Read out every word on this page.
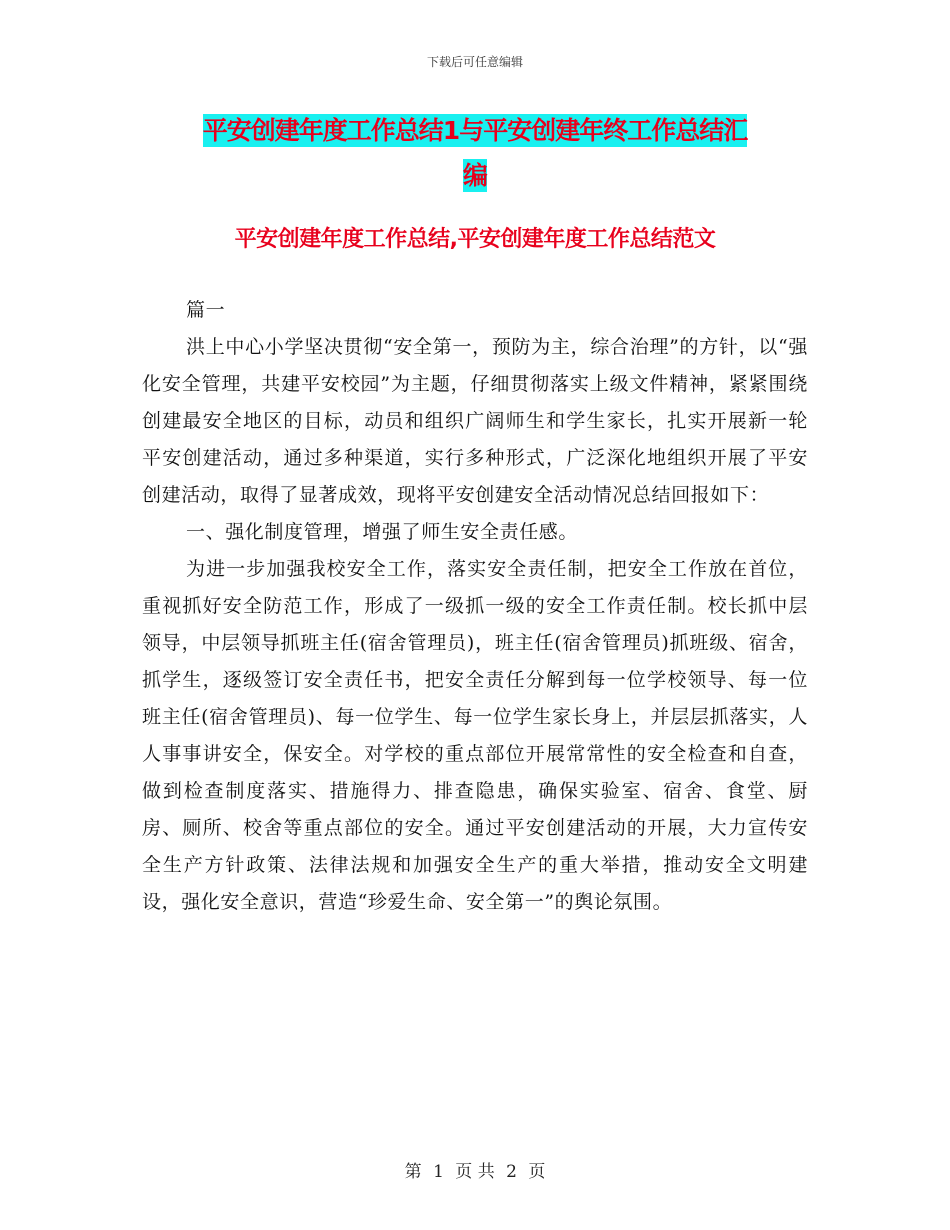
下载后可任意编辑
平安创建年度工作总结1与平安创建年终工作总结汇
编
平安创建年度工作总结,平安创建年度工作总结范文

篇一

洪上中心小学坚决贯彻“安全第一，预防为主，综合治理”的方针，以“强化安全管理，共建平安校园”为主题，仔细贯彻落实上级文件精神，紧紧围绕创建最安全地区的目标，动员和组织广阔师生和学生家长，扎实开展新一轮平安创建活动，通过多种渠道，实行多种形式，广泛深化地组织开展了平安创建活动，取得了显著成效，现将平安创建安全活动情况总结回报如下：

一、强化制度管理，增强了师生安全责任感。

为进一步加强我校安全工作，落实安全责任制，把安全工作放在首位，重视抓好安全防范工作，形成了一级抓一级的安全工作责任制。校长抓中层领导，中层领导抓班主任(宿舍管理员)，班主任(宿舍管理员)抓班级、宿舍，抓学生，逐级签订安全责任书，把安全责任分解到每一位学校领导、每一位班主任(宿舍管理员)、每一位学生、每一位学生家长身上，并层层抓落实，人人事事讲安全，保安全。对学校的重点部位开展常常性的安全检查和自查，做到检查制度落实、措施得力、排查隐患，确保实验室、宿舍、食堂、厨房、厕所、校舍等重点部位的安全。通过平安创建活动的开展，大力宣传安全生产方针政策、法律法规和加强安全生产的重大举措，推动安全文明建设，强化安全意识，营造“珍爱生命、安全第一”的舆论氛围。

第 1 页 共 2 页
